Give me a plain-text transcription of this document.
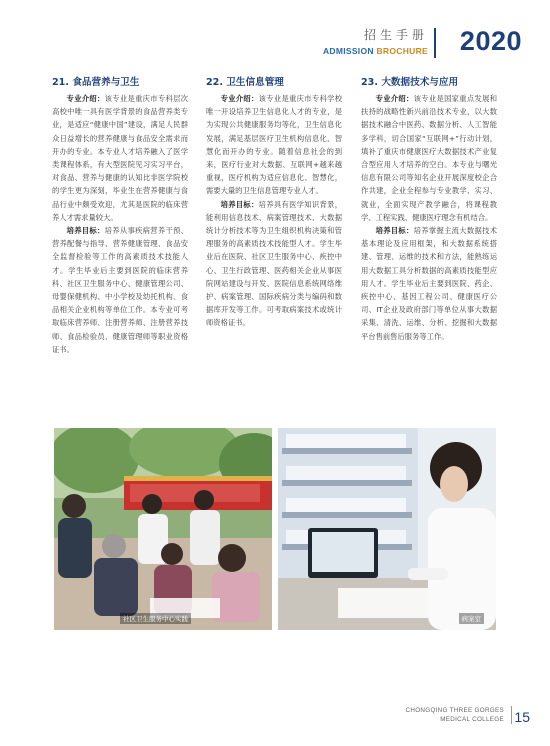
招生手册
ADMISSION BROCHURE 2020
21. 食品营养与卫生

专业介绍：该专业是重庆市专科层次高校中唯一具有医学背景的食品营养类专业，是适应“健康中国”建设，满足人民群众日益增长的营养健康与食品安全需求而开办的专业。本专业人才培养融入了医学类课程体系，有大型医院见习实习平台，对食品、营养与健康的认知比非医学院校的学生更为深刻，毕业生在营养健康与食品行业中颇受欢迎，尤其是医院的临床营养人才需求量较大。

培养目标：培养从事疾病营养干预、营养配餐与指导、营养健康管理、食品安全监督检验等工作的高素质技术技能人才。学生毕业后主要到医院的临床营养科、社区卫生服务中心、健康管理公司、母婴保健机构、中小学校及幼托机构、食品相关企业机构等单位工作。本专业可考取临床营养师、注册营养师、注册营养技师、食品检验员、健康管理师等职业资格证书。

22. 卫生信息管理

专业介绍：该专业是重庆市专科学校唯一开设培养卫生信息化人才的专业，是为实现公共健康服务均等化，卫生信息化发展，满足基层医疗卫生机构信息化、智慧化而开办的专业。随着信息社会的到来，医疗行业对大数据、互联网+越来越重视，医疗机构为适应信息化、智慧化，需要大量的卫生信息管理专业人才。

培养目标：培养具有医学知识背景，能利用信息技术、病案管理技术、大数据统计分析技术等为卫生组织机构决策和管理服务的高素质技术技能型人才。学生毕业后在医院、社区卫生服务中心、疾控中心、卫生行政管理、医药相关企业从事医院网站建设与开发、医院信息系统网络维护、病案管理、国际疾病分类与编码和数据库开发等工作。可考取病案技术或统计师资格证书。

23. 大数据技术与应用

专业介绍：该专业是国家重点发展和扶持的战略性新兴前沿技术专业，以大数据技术融合中医药、数据分析、人工智能多学科，切合国家“互联网+”行动计划，填补了重庆市健康医疗大数据技术产业复合型应用人才培养的空白。本专业与曙光信息有限公司等知名企业开展深度校企合作共建，企业全程参与专业教学、实习、就业，全面实现产教学融合，将课程教学、工程实践、健康医疗理念有机结合。

培养目标：培养掌握主流大数据技术基本理论及应用框架，和大数据系统搭建、管理、运维的技术和方法，能熟练运用大数据工具分析数据的高素质技能型应用人才。学生毕业后主要到医院、药企、疾控中心、基因工程公司、健康医疗公司、IT企业及政府部门等单位从事大数据采集、清洗、运维、分析、挖掘和大数据平台售前售后服务等工作。

社区卫生服务中心实践	病案室
CHONGQING THREE GORGES
MEDICAL COLLEGE 15
